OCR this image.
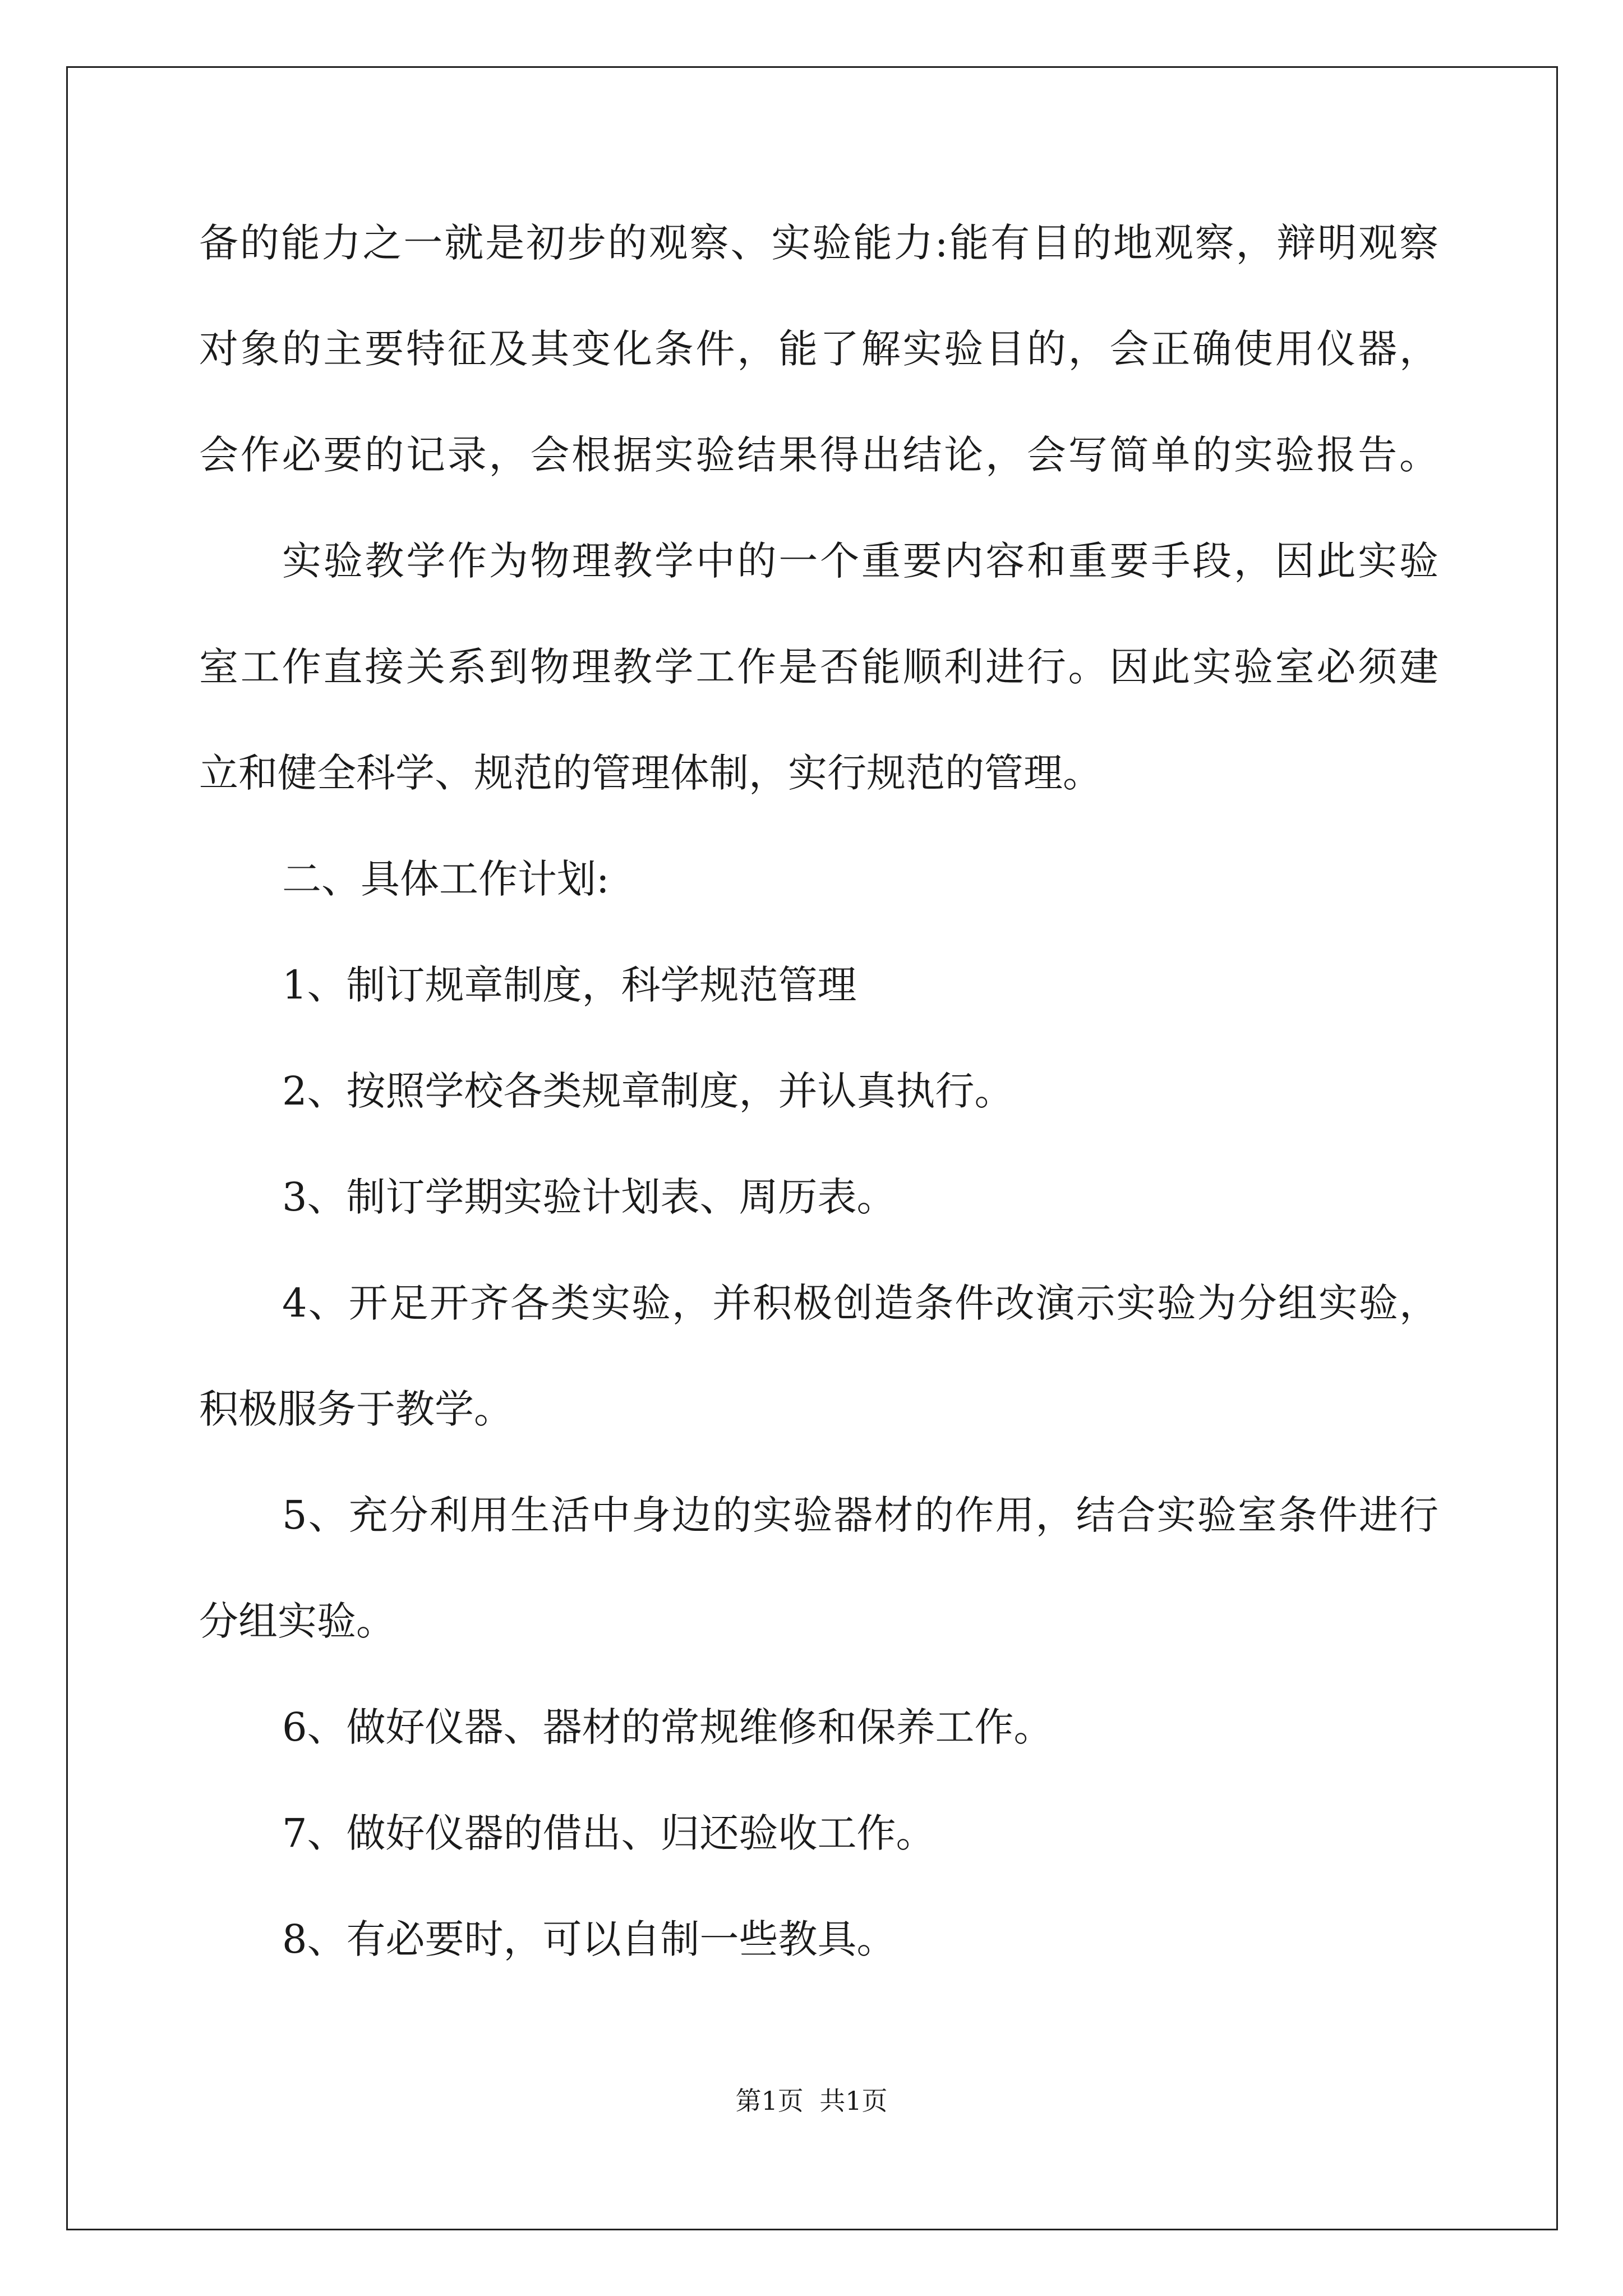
备的能力之一就是初步的观察、实验能力:能有目的地观察，辩明观察
对象的主要特征及其变化条件，能了解实验目的，会正确使用仪器，
会作必要的记录，会根据实验结果得出结论，会写简单的实验报告。
实验教学作为物理教学中的一个重要内容和重要手段，因此实验
室工作直接关系到物理教学工作是否能顺利进行。因此实验室必须建
立和健全科学、规范的管理体制，实行规范的管理。
二、具体工作计划:
1、制订规章制度，科学规范管理
2、按照学校各类规章制度，并认真执行。
3、制订学期实验计划表、周历表。
4、开足开齐各类实验，并积极创造条件改演示实验为分组实验，
积极服务于教学。
5、充分利用生活中身边的实验器材的作用，结合实验室条件进行
分组实验。
6、做好仪器、器材的常规维修和保养工作。
7、做好仪器的借出、归还验收工作。
8、有必要时，可以自制一些教具。
第1页 共1页
